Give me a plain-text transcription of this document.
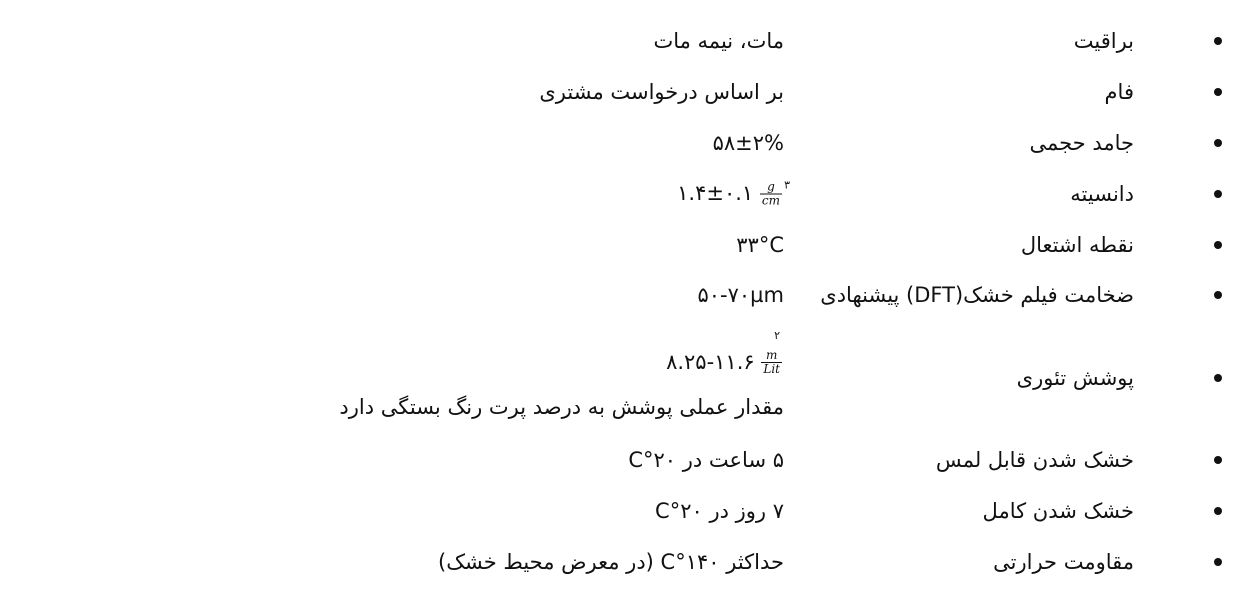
براقیت
مات، نیمه مات
فام
بر اساس درخواست مشتری
جامد حجمی
۵۸±۲%
دانسیته
۱.۴±۰.۱	g
cm
۳
نقطه اشتعال
۳۳°C
ضخامت فیلم خشک(DFT) پیشنهادی
۵۰-۷۰µm
پوشش تئوری
۸.۲۵-۱۱.۶
۲
m
Lit
مقدار عملی پوشش به درصد پرت رنگ بستگی دارد
خشک شدن قابل لمس
۵ ساعت در ۲۰°C
خشک شدن کامل
۷ روز در ۲۰°C
مقاومت حرارتی
حداکثر ۱۴۰°C (در معرض محیط خشک)
